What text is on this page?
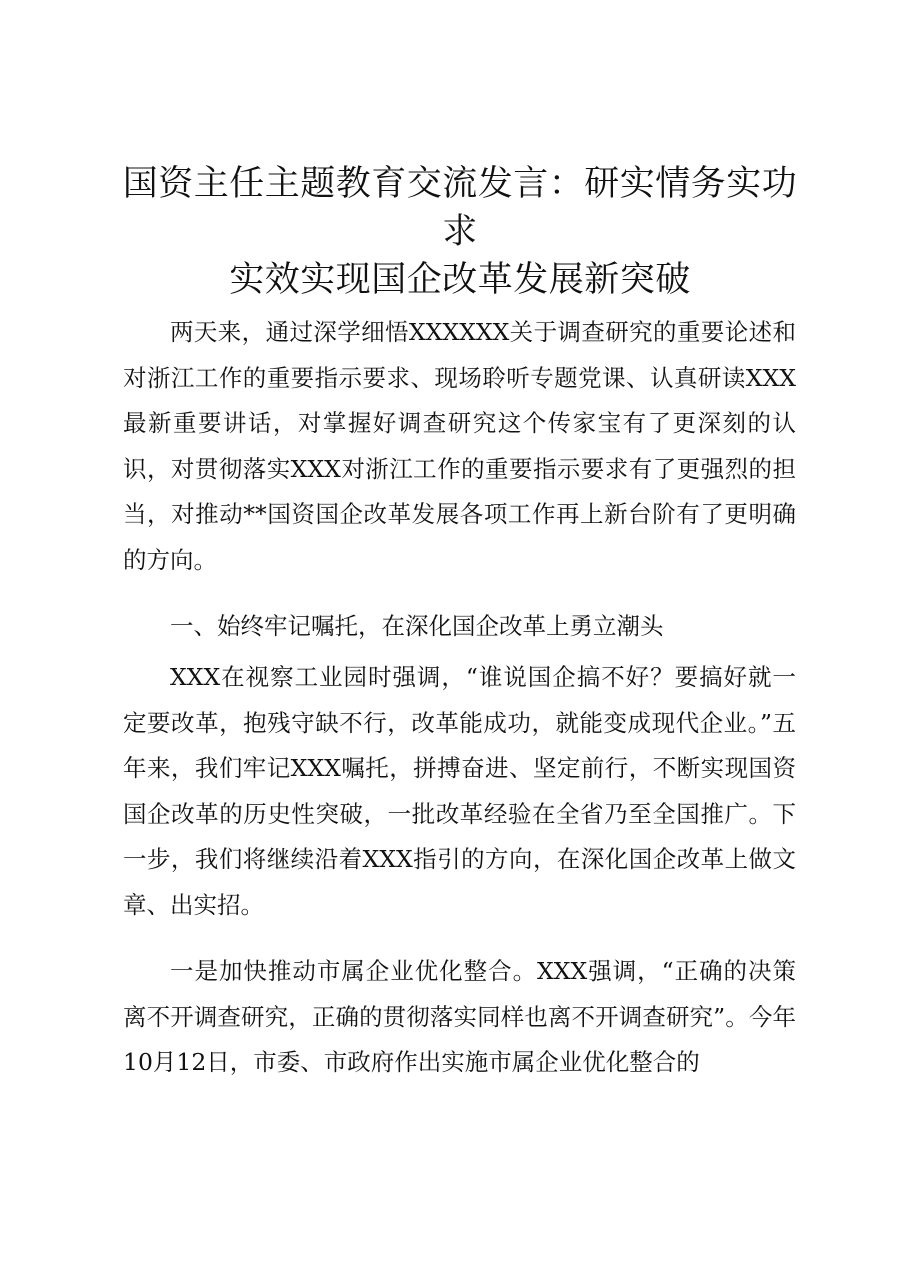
国资主任主题教育交流发言：研实情务实功求
实效实现国企改革发展新突破

两天来，通过深学细悟XXXXXX关于调查研究的重要论述和对浙江工作的重要指示要求、现场聆听专题党课、认真研读XXX最新重要讲话，对掌握好调查研究这个传家宝有了更深刻的认识，对贯彻落实XXX对浙江工作的重要指示要求有了更强烈的担当，对推动**国资国企改革发展各项工作再上新台阶有了更明确的方向。

一、始终牢记嘱托，在深化国企改革上勇立潮头

XXX在视察工业园时强调，“谁说国企搞不好？要搞好就一定要改革，抱残守缺不行，改革能成功，就能变成现代企业。”五年来，我们牢记XXX嘱托，拼搏奋进、坚定前行，不断实现国资国企改革的历史性突破，一批改革经验在全省乃至全国推广。下一步，我们将继续沿着XXX指引的方向，在深化国企改革上做文章、出实招。

一是加快推动市属企业优化整合。XXX强调，“正确的决策离不开调查研究，正确的贯彻落实同样也离不开调查研究”。今年10月12日，市委、市政府作出实施市属企业优化整合的
